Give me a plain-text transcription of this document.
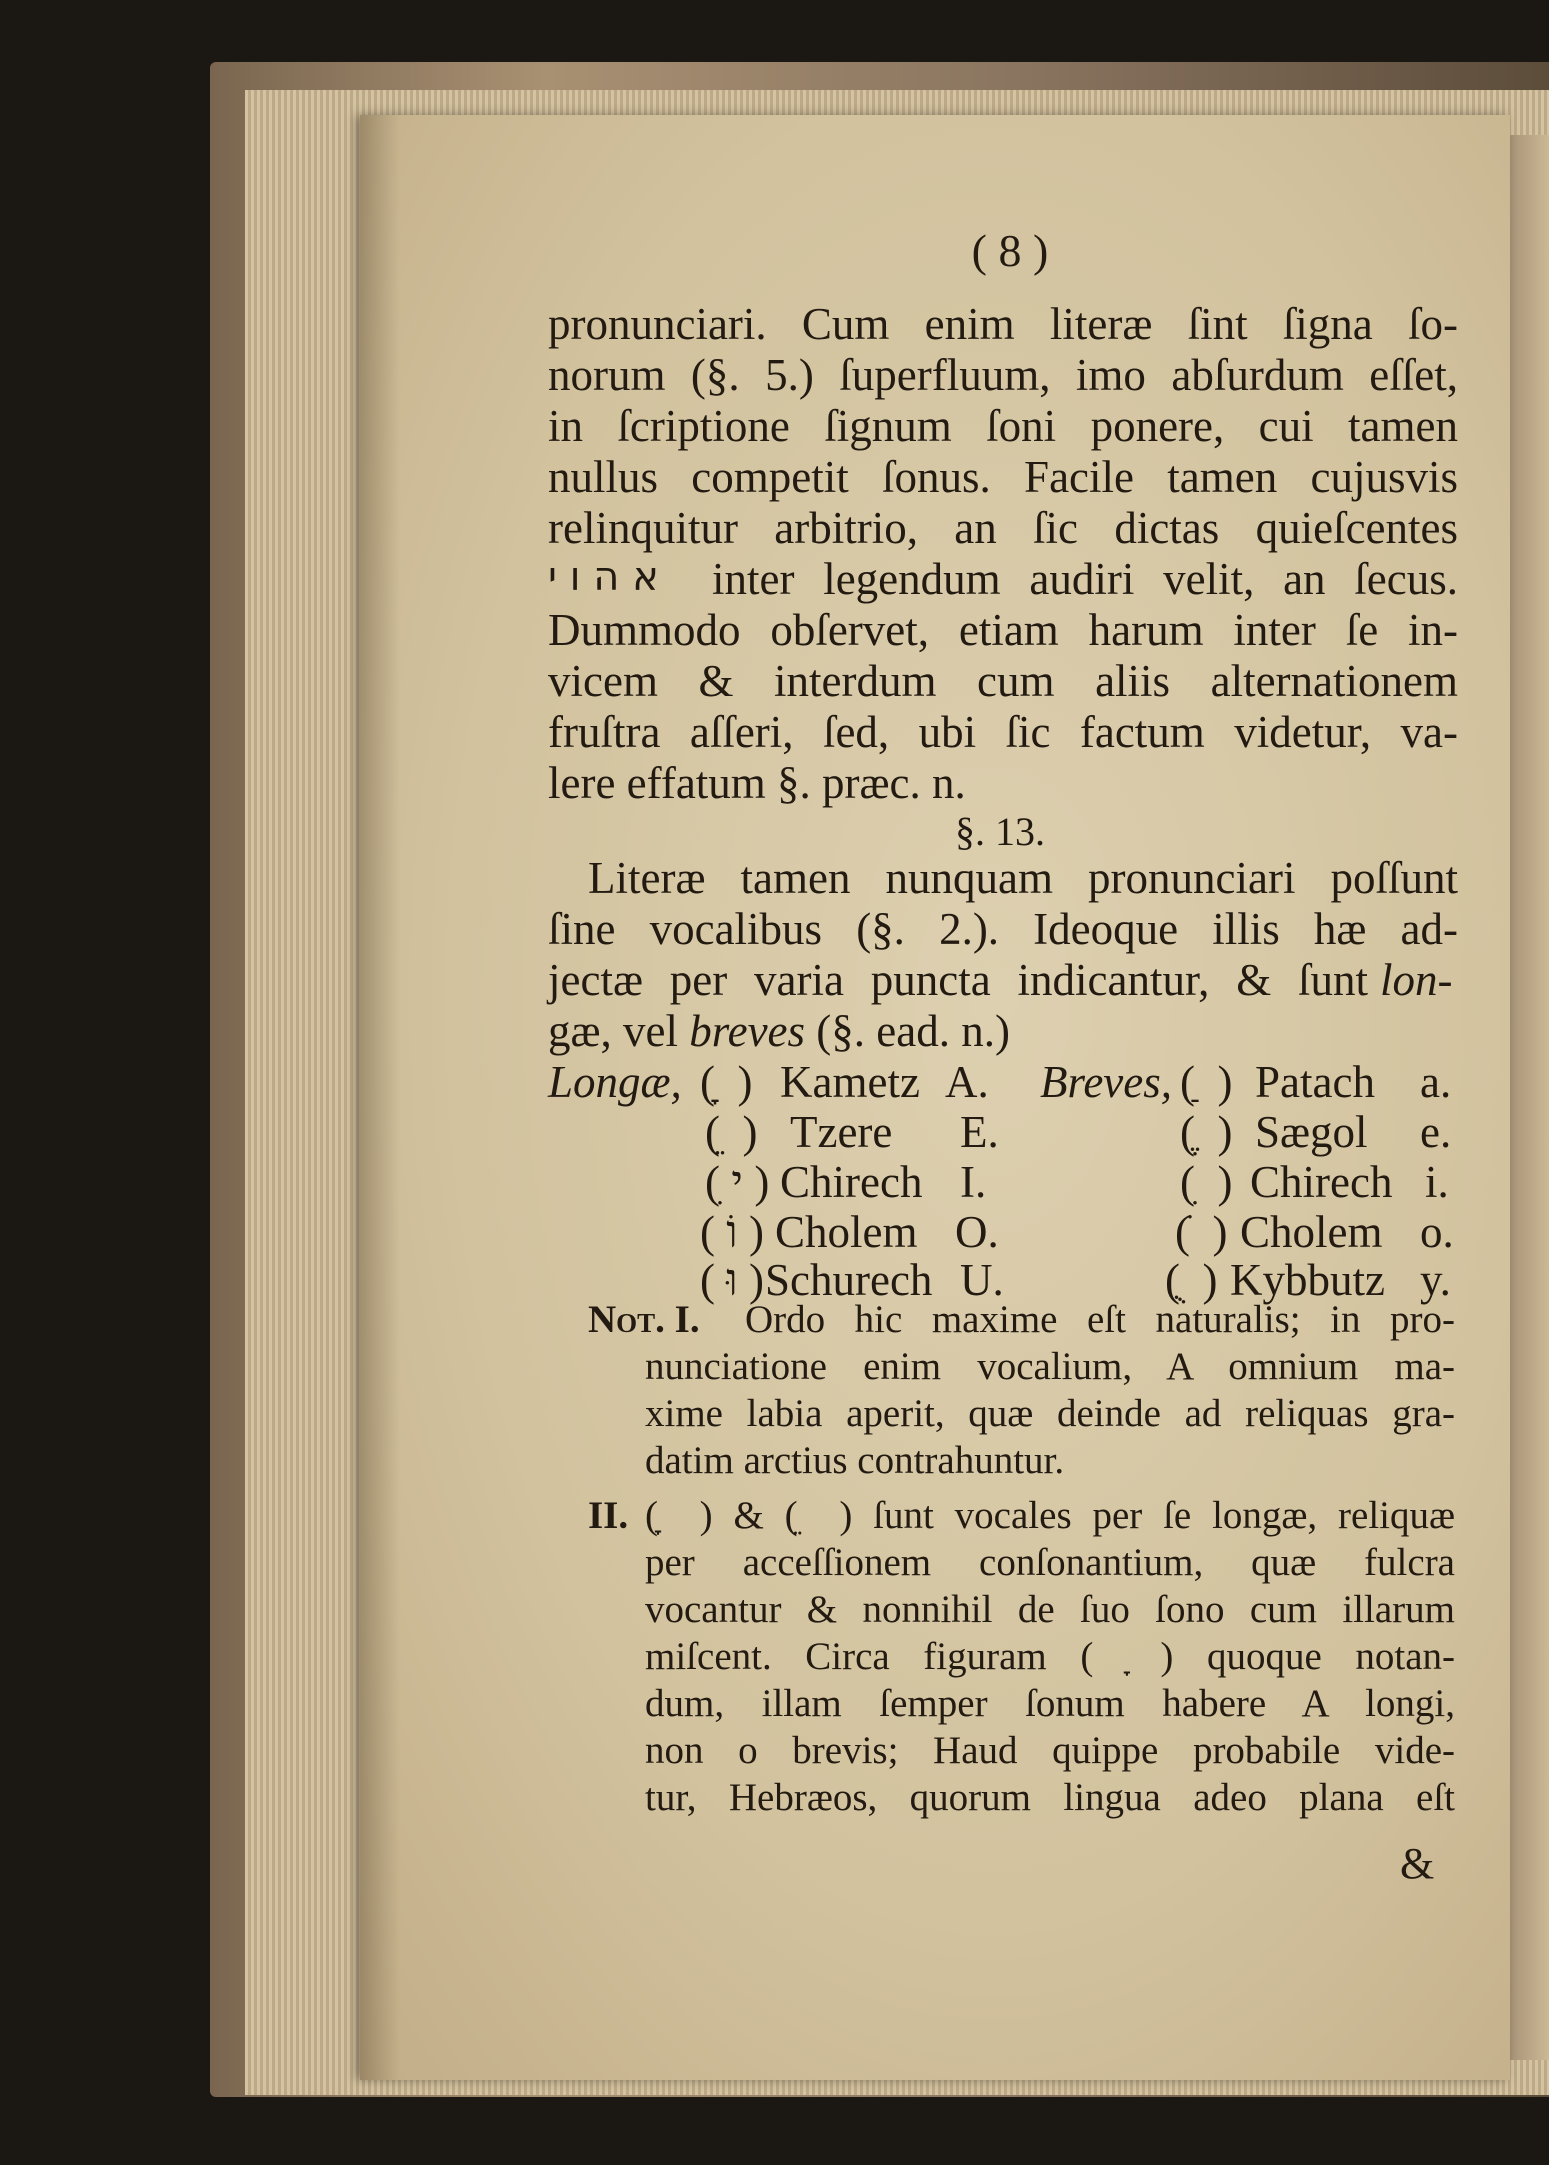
( 8 )
pronunciari. Cum enim literæ ſint ſigna ſo-
norum (§. 5.) ſuperfluum, imo abſurdum eſſet,
in ſcriptione ſignum ſoni ponere, cui tamen
nullus competit ſonus. Facile tamen cujusvis
relinquitur arbitrio, an ſic dictas quieſcentes
א ה ו י	inter legendum audiri velit, an ſecus.
Dummodo obſervet, etiam harum inter ſe in-
vicem & interdum cum aliis alternationem
fruſtra aſſeri, ſed, ubi ſic factum videtur, va-
lere effatum §. præc. n.
§. 13.
Literæ tamen nunquam pronunciari poſſunt
ſine vocalibus (§. 2.). Ideoque illis hæ ad-
jectæ per varia puncta indicantur, & ſunt lon-
gæ, vel breves (§. ead. n.)
Longæ, ( ָ ) Kametz A.
( ֵ ) Tzere E.
( ִי ) Chirech I.
( וֹ ) Cholem O.
( וּ ) Schurech U.
Breves, ( ַ ) Patach a.
( ֶ ) Sægol e.
( ִ ) Chirech i.
( ֹ ) Cholem o.
( ֻ ) Kybbutz y.
Not. I. Ordo hic maxime eſt naturalis; in pro-
nunciatione enim vocalium, A omnium ma-
xime labia aperit, quæ deinde ad reliquas gra-
datim arctius contrahuntur.
II. ( ָ ) & ( ֵ ) ſunt vocales per ſe longæ, reliquæ
per acceſſionem conſonantium, quæ fulcra
vocantur & nonnihil de ſuo ſono cum illarum
miſcent. Circa figuram ( ָ ) quoque notan-
dum, illam ſemper ſonum habere A longi,
non o brevis; Haud quippe probabile vide-
tur, Hebræos, quorum lingua adeo plana eſt
&
